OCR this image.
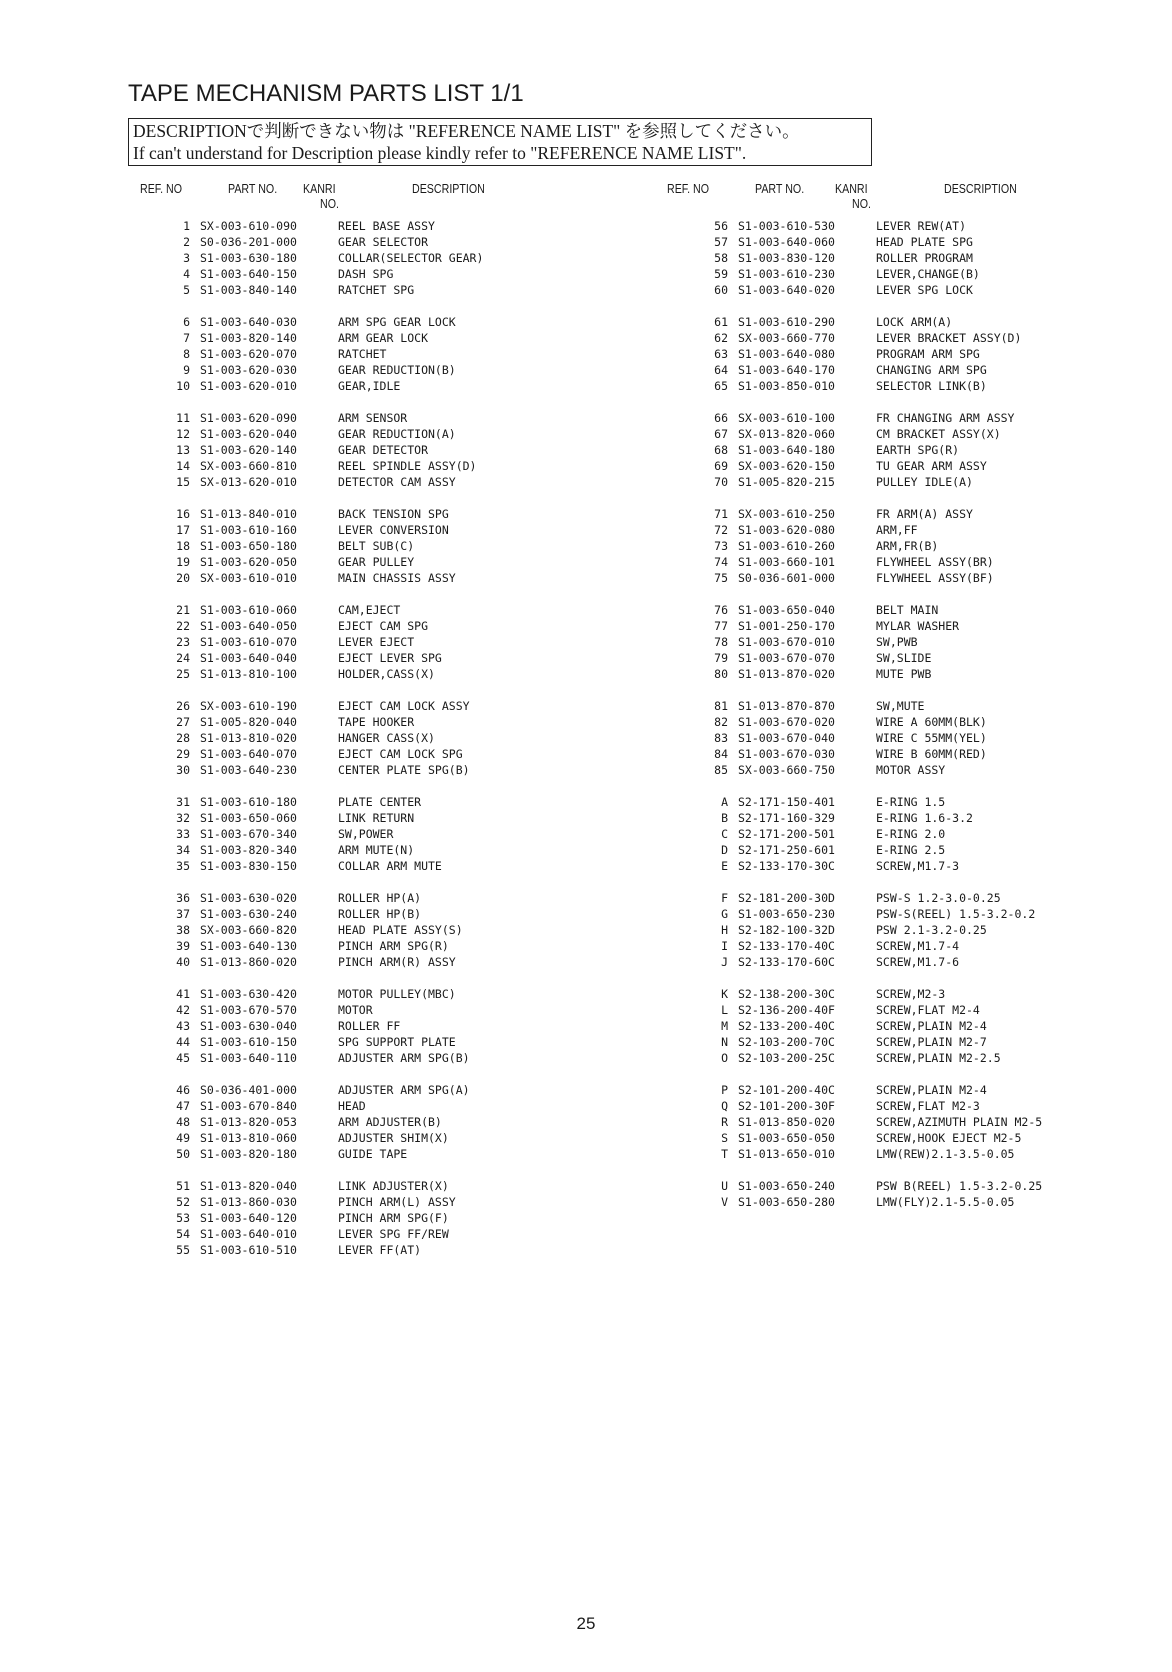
TAPE MECHANISM PARTS LIST 1/1
DESCRIPTIONで判断できない物は "REFERENCE NAME LIST" を参照してください。
If can't understand for Description please kindly refer to "REFERENCE NAME LIST".
REF. NO	PART NO. KANRI
NO.
DESCRIPTION	REF. NO	PART NO. KANRI
NO.
DESCRIPTION
1 SX-003-610-090	REEL BASE ASSY
2 S0-036-201-000	GEAR SELECTOR
3 S1-003-630-180	COLLAR(SELECTOR GEAR)
4 S1-003-640-150	DASH SPG
5 S1-003-840-140	RATCHET SPG
6 S1-003-640-030	ARM SPG GEAR LOCK
7 S1-003-820-140	ARM GEAR LOCK
8 S1-003-620-070	RATCHET
9 S1-003-620-030	GEAR REDUCTION(B)
10 S1-003-620-010	GEAR,IDLE
11 S1-003-620-090	ARM SENSOR
12 S1-003-620-040	GEAR REDUCTION(A)
13 S1-003-620-140	GEAR DETECTOR
14 SX-003-660-810	REEL SPINDLE ASSY(D)
15 SX-013-620-010	DETECTOR CAM ASSY
16 S1-013-840-010	BACK TENSION SPG
17 S1-003-610-160	LEVER CONVERSION
18 S1-003-650-180	BELT SUB(C)
19 S1-003-620-050	GEAR PULLEY
20 SX-003-610-010	MAIN CHASSIS ASSY
21 S1-003-610-060	CAM,EJECT
22 S1-003-640-050	EJECT CAM SPG
23 S1-003-610-070	LEVER EJECT
24 S1-003-640-040	EJECT LEVER SPG
25 S1-013-810-100	HOLDER,CASS(X)
26 SX-003-610-190	EJECT CAM LOCK ASSY
27 S1-005-820-040	TAPE HOOKER
28 S1-013-810-020	HANGER CASS(X)
29 S1-003-640-070	EJECT CAM LOCK SPG
30 S1-003-640-230	CENTER PLATE SPG(B)
31 S1-003-610-180	PLATE CENTER
32 S1-003-650-060	LINK RETURN
33 S1-003-670-340	SW,POWER
34 S1-003-820-340	ARM MUTE(N)
35 S1-003-830-150	COLLAR ARM MUTE
36 S1-003-630-020	ROLLER HP(A)
37 S1-003-630-240	ROLLER HP(B)
38 SX-003-660-820	HEAD PLATE ASSY(S)
39 S1-003-640-130	PINCH ARM SPG(R)
40 S1-013-860-020	PINCH ARM(R) ASSY
41 S1-003-630-420	MOTOR PULLEY(MBC)
42 S1-003-670-570	MOTOR
43 S1-003-630-040	ROLLER FF
44 S1-003-610-150	SPG SUPPORT PLATE
45 S1-003-640-110	ADJUSTER ARM SPG(B)
46 S0-036-401-000	ADJUSTER ARM SPG(A)
47 S1-003-670-840	HEAD
48 S1-013-820-053	ARM ADJUSTER(B)
49 S1-013-810-060	ADJUSTER SHIM(X)
50 S1-003-820-180	GUIDE TAPE
51 S1-013-820-040	LINK ADJUSTER(X)
52 S1-013-860-030	PINCH ARM(L) ASSY
53 S1-003-640-120	PINCH ARM SPG(F)
54 S1-003-640-010	LEVER SPG FF/REW
55 S1-003-610-510	LEVER FF(AT)
56 S1-003-610-530	LEVER REW(AT)
57 S1-003-640-060	HEAD PLATE SPG
58 S1-003-830-120	ROLLER PROGRAM
59 S1-003-610-230	LEVER,CHANGE(B)
60 S1-003-640-020	LEVER SPG LOCK
61 S1-003-610-290	LOCK ARM(A)
62 SX-003-660-770	LEVER BRACKET ASSY(D)
63 S1-003-640-080	PROGRAM ARM SPG
64 S1-003-640-170	CHANGING ARM SPG
65 S1-003-850-010	SELECTOR LINK(B)
66 SX-003-610-100	FR CHANGING ARM ASSY
67 SX-013-820-060	CM BRACKET ASSY(X)
68 S1-003-640-180	EARTH SPG(R)
69 SX-003-620-150	TU GEAR ARM ASSY
70 S1-005-820-215	PULLEY IDLE(A)
71 SX-003-610-250	FR ARM(A) ASSY
72 S1-003-620-080	ARM,FF
73 S1-003-610-260	ARM,FR(B)
74 S1-003-660-101	FLYWHEEL ASSY(BR)
75 S0-036-601-000	FLYWHEEL ASSY(BF)
76 S1-003-650-040	BELT MAIN
77 S1-001-250-170	MYLAR WASHER
78 S1-003-670-010	SW,PWB
79 S1-003-670-070	SW,SLIDE
80 S1-013-870-020	MUTE PWB
81 S1-013-870-870	SW,MUTE
82 S1-003-670-020	WIRE A 60MM(BLK)
83 S1-003-670-040	WIRE C 55MM(YEL)
84 S1-003-670-030	WIRE B 60MM(RED)
85 SX-003-660-750	MOTOR ASSY
A S2-171-150-401	E-RING 1.5
B S2-171-160-329	E-RING 1.6-3.2
C S2-171-200-501	E-RING 2.0
D S2-171-250-601	E-RING 2.5
E S2-133-170-30C	SCREW,M1.7-3
F S2-181-200-30D	PSW-S 1.2-3.0-0.25
G S1-003-650-230	PSW-S(REEL) 1.5-3.2-0.2
H S2-182-100-32D	PSW 2.1-3.2-0.25
I S2-133-170-40C	SCREW,M1.7-4
J S2-133-170-60C	SCREW,M1.7-6
K S2-138-200-30C	SCREW,M2-3
L S2-136-200-40F	SCREW,FLAT M2-4
M S2-133-200-40C	SCREW,PLAIN M2-4
N S2-103-200-70C	SCREW,PLAIN M2-7
O S2-103-200-25C	SCREW,PLAIN M2-2.5
P S2-101-200-40C	SCREW,PLAIN M2-4
Q S2-101-200-30F	SCREW,FLAT M2-3
R S1-013-850-020	SCREW,AZIMUTH PLAIN M2-5
S S1-003-650-050	SCREW,HOOK EJECT M2-5
T S1-013-650-010	LMW(REW)2.1-3.5-0.05
U S1-003-650-240	PSW B(REEL) 1.5-3.2-0.25
V S1-003-650-280	LMW(FLY)2.1-5.5-0.05
25
